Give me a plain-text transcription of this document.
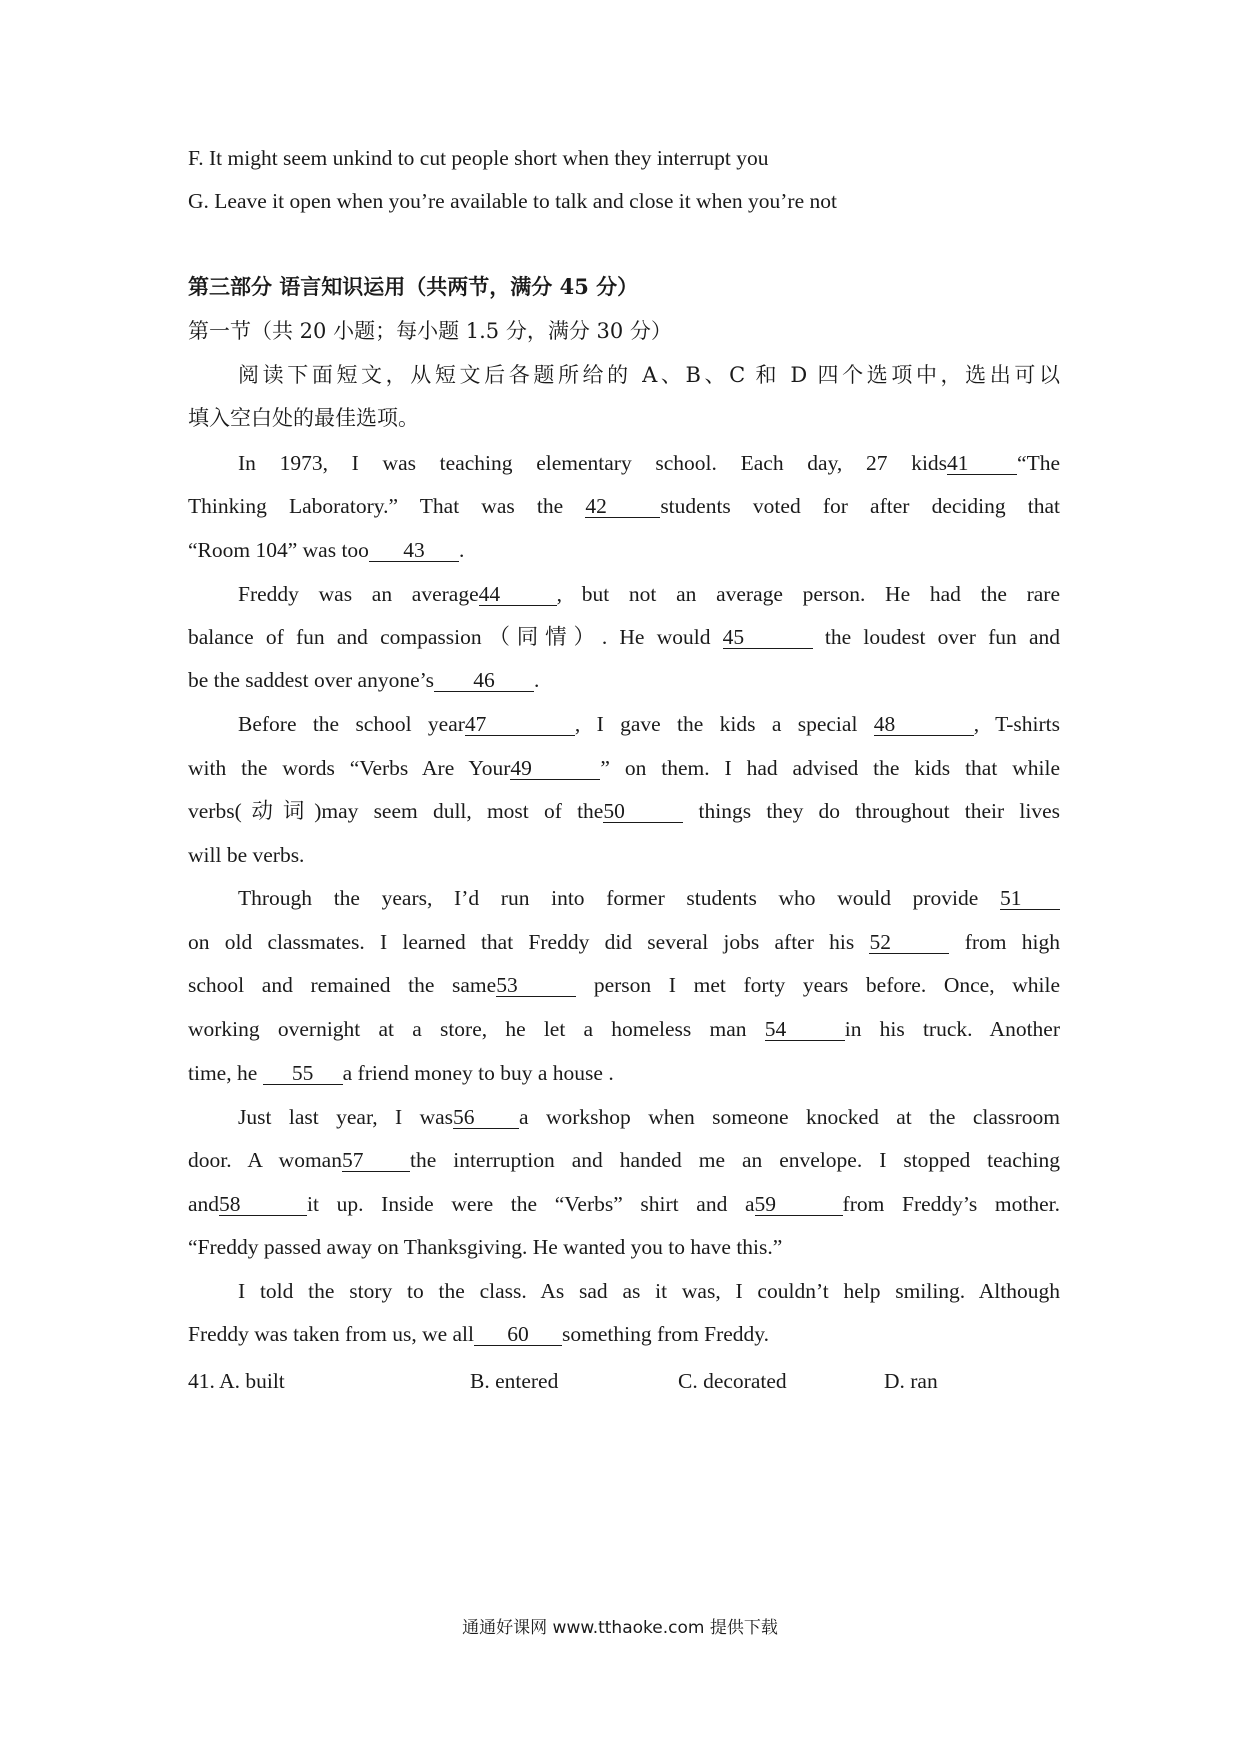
F. It might seem unkind to cut people short when they interrupt you
G. Leave it open when you’re available to talk and close it when you’re not
第三部分 语言知识运用（共两节，满分 45 分）
第一节（共 20 小题；每小题 1.5 分，满分 30 分）
阅读下面短文，从短文后各题所给的 A、B、C 和 D 四个选项中，选出可以
填入空白处的最佳选项。
In 1973, I was teaching elementary school. Each day, 27 kids41 “The
Thinking Laboratory.” That was the 42 students voted for after deciding that
“Room 104” was too 43 .
Freddy was an average44	, but not an average person. He had the rare
balance of fun and compassion（同情）. He would 45	the loudest over fun and
be the saddest over anyone’s 46 .
Before the school year47	, I gave the kids a special 48	, T-shirts
with the words “Verbs Are Your49	” on them. I had advised the kids that while
verbs(动词)may seem dull, most of the50	things they do throughout their lives
will be verbs.
Through the years, I’d run into former students who would provide 51
on old classmates. I learned that Freddy did several jobs after his 52	from high
school and remained the same53	person I met forty years before. Once, while
working overnight at a store, he let a homeless man 54	in his truck. Another
time, he 55 a friend money to buy a house .
Just last year, I was56 a workshop when someone knocked at the classroom
door. A woman57 the interruption and handed me an envelope. I stopped teaching
and58	it up. Inside were the “Verbs” shirt and a59	from Freddy’s mother.
“Freddy passed away on Thanksgiving. He wanted you to have this.”
I told the story to the class. As sad as it was, I couldn’t help smiling. Although
Freddy was taken from us, we all 60 something from Freddy.
41. A. built	B. entered	C. decorated	D. ran
通通好课网 www.tthaoke.com 提供下载
